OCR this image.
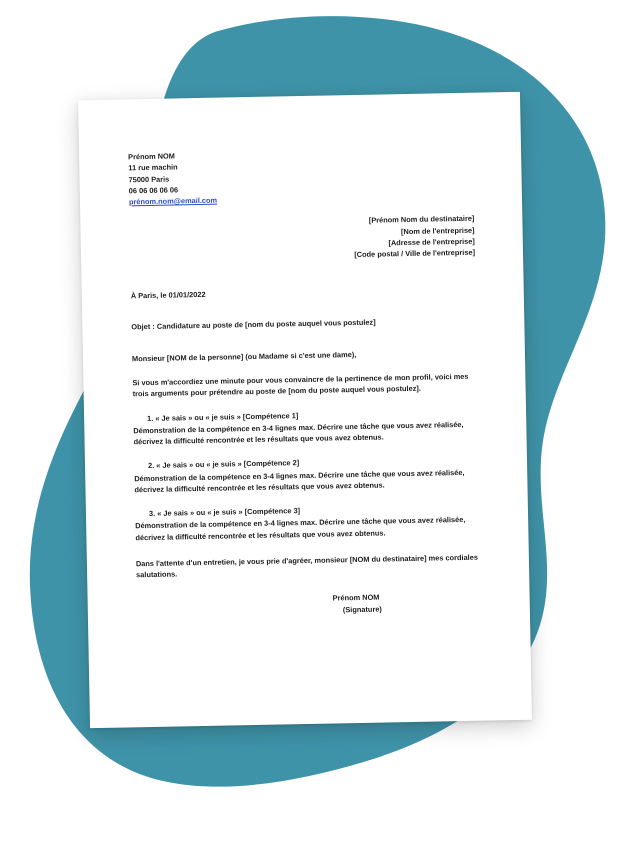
Prénom NOM
11 rue machin
75000 Paris
06 06 06 06 06
prénom.nom@email.com
[Prénom Nom du destinataire]
[Nom de l'entreprise]
[Adresse de l'entreprise]
[Code postal / Ville de l'entreprise]
À Paris, le 01/01/2022
Objet : Candidature au poste de [nom du poste auquel vous postulez]
Monsieur [NOM de la personne] (ou Madame si c'est une dame),
Si vous m'accordiez une minute pour vous convaincre de la pertinence de mon profil, voici mes trois arguments pour prétendre au poste de [nom du poste auquel vous postulez].
1. « Je sais » ou « je suis » [Compétence 1]
Démonstration de la compétence en 3-4 lignes max. Décrire une tâche que vous avez réalisée, décrivez la difficulté rencontrée et les résultats que vous avez obtenus.
2. « Je sais » ou « je suis » [Compétence 2]
Démonstration de la compétence en 3-4 lignes max. Décrire une tâche que vous avez réalisée, décrivez la difficulté rencontrée et les résultats que vous avez obtenus.
3. « Je sais » ou « je suis » [Compétence 3]
Démonstration de la compétence en 3-4 lignes max. Décrire une tâche que vous avez réalisée, décrivez la difficulté rencontrée et les résultats que vous avez obtenus.
Dans l'attente d'un entretien, je vous prie d'agréer, monsieur [NOM du destinataire] mes cordiales salutations.
Prénom NOM
(Signature)
